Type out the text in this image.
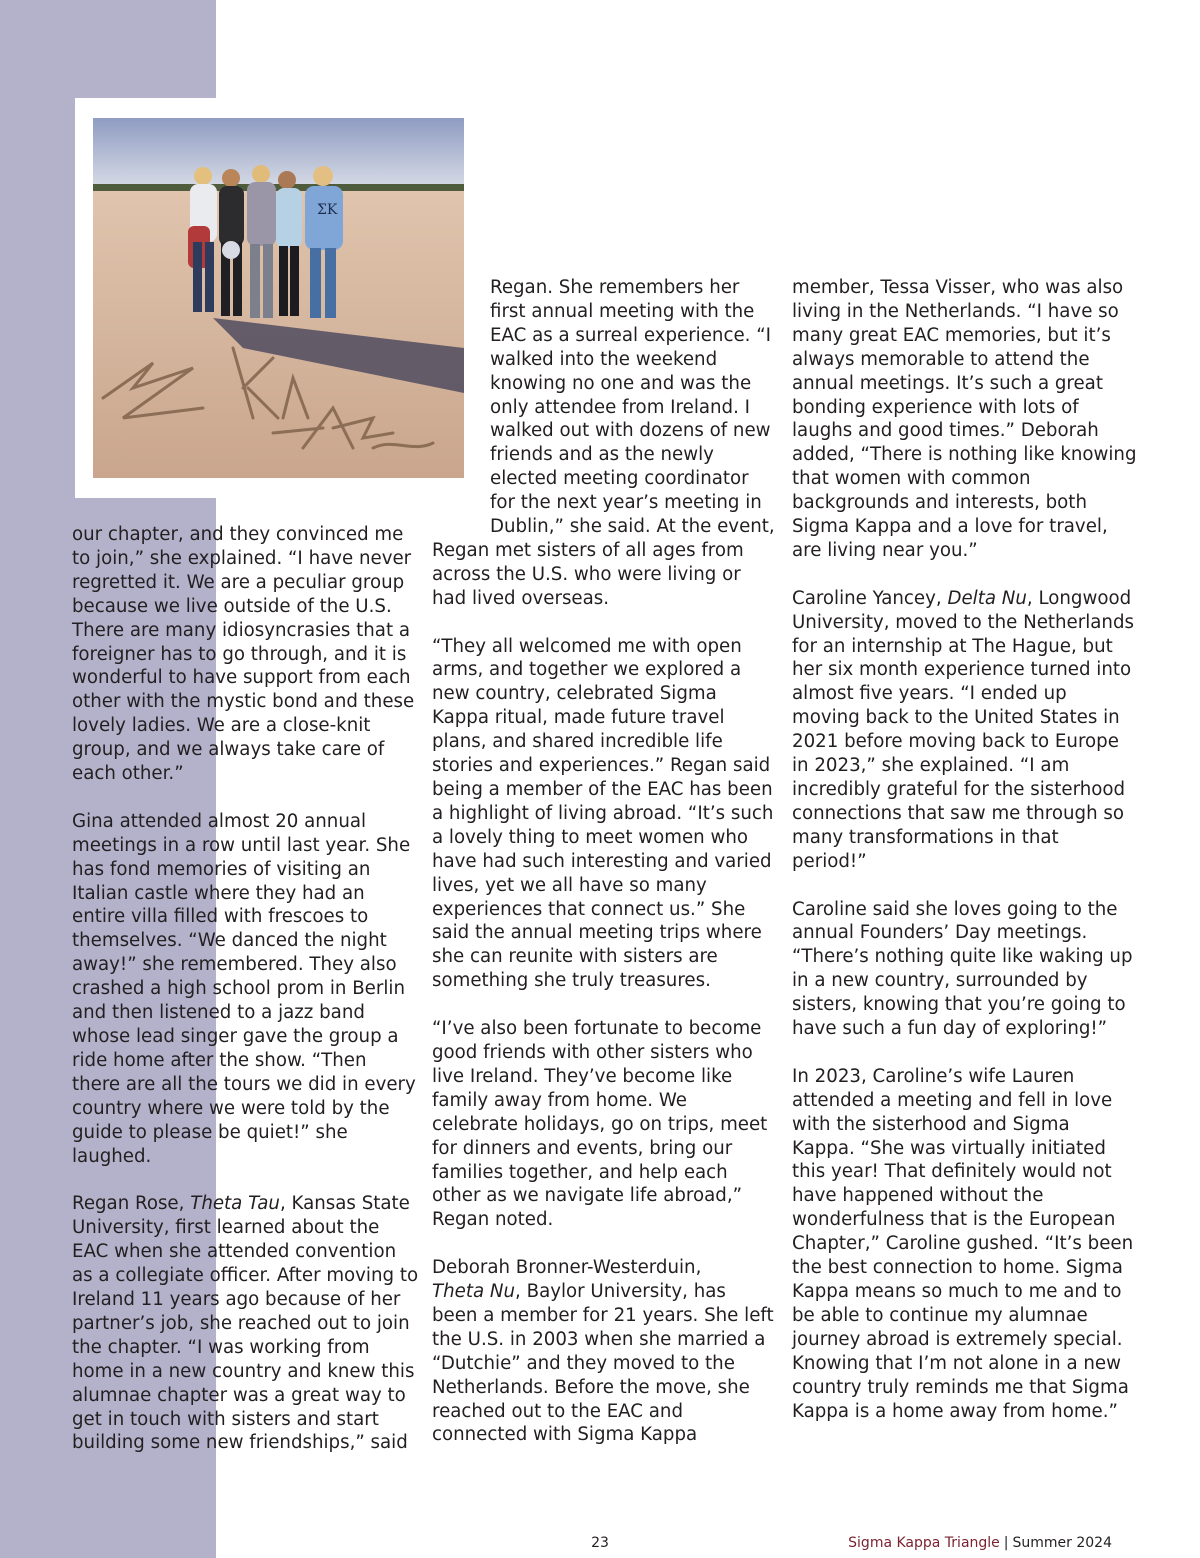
ΣK

our chapter, and they convinced me to join,” she explained. “I have never regretted it. We are a peculiar group because we live outside of the U.S. There are many idiosyncrasies that a foreigner has to go through, and it is wonderful to have support from each other with the mystic bond and these lovely ladies. We are a close-knit group, and we always take care of each other.”

Gina attended almost 20 annual meetings in a row until last year. She has fond memories of visiting an Italian castle where they had an entire villa filled with frescoes to themselves. “We danced the night away!” she remembered. They also crashed a high school prom in Berlin and then listened to a jazz band whose lead singer gave the group a ride home after the show. “Then there are all the tours we did in every country where we were told by the guide to please be quiet!” she laughed.

Regan Rose, Theta Tau, Kansas State University, first learned about the EAC when she attended convention as a collegiate officer. After moving to Ireland 11 years ago because of her partner’s job, she reached out to join the chapter. “I was working from home in a new country and knew this alumnae chapter was a great way to get in touch with sisters and start building some new friendships,” said

Regan. She remembers her first annual meeting with the EAC as a surreal experience. “I walked into the weekend knowing no one and was the only attendee from Ireland. I walked out with dozens of new friends and as the newly elected meeting coordinator for the next year’s meeting in Dublin,” she said. At the event,
Regan met sisters of all ages from across the U.S. who were living or had lived overseas.

“They all welcomed me with open arms, and together we explored a new country, celebrated Sigma Kappa ritual, made future travel plans, and shared incredible life stories and experiences.” Regan said being a member of the EAC has been a highlight of living abroad. “It’s such a lovely thing to meet women who have had such interesting and varied lives, yet we all have so many experiences that connect us.” She said the annual meeting trips where she can reunite with sisters are something she truly treasures.

“I’ve also been fortunate to become good friends with other sisters who live Ireland. They’ve become like family away from home. We celebrate holidays, go on trips, meet for dinners and events, bring our families together, and help each other as we navigate life abroad,” Regan noted.

Deborah Bronner-Westerduin,
Theta Nu, Baylor University, has been a member for 21 years. She left the U.S. in 2003 when she married a “Dutchie” and they moved to the Netherlands. Before the move, she reached out to the EAC and connected with Sigma Kappa

member, Tessa Visser, who was also living in the Netherlands. “I have so many great EAC memories, but it’s always memorable to attend the annual meetings. It’s such a great bonding experience with lots of laughs and good times.” Deborah added, “There is nothing like knowing that women with common backgrounds and interests, both Sigma Kappa and a love for travel, are living near you.”

Caroline Yancey, Delta Nu, Longwood University, moved to the Netherlands for an internship at The Hague, but her six month experience turned into almost five years. “I ended up moving back to the United States in 2021 before moving back to Europe in 2023,” she explained. “I am incredibly grateful for the sisterhood connections that saw me through so many transformations in that period!”

Caroline said she loves going to the annual Founders’ Day meetings. “There’s nothing quite like waking up in a new country, surrounded by sisters, knowing that you’re going to have such a fun day of exploring!”

In 2023, Caroline’s wife Lauren attended a meeting and fell in love with the sisterhood and Sigma Kappa. “She was virtually initiated this year! That definitely would not have happened without the wonderfulness that is the European Chapter,” Caroline gushed. “It’s been the best connection to home. Sigma Kappa means so much to me and to be able to continue my alumnae journey abroad is extremely special. Knowing that I’m not alone in a new country truly reminds me that Sigma Kappa is a home away from home.”

23	Sigma Kappa Triangle | Summer 2024
